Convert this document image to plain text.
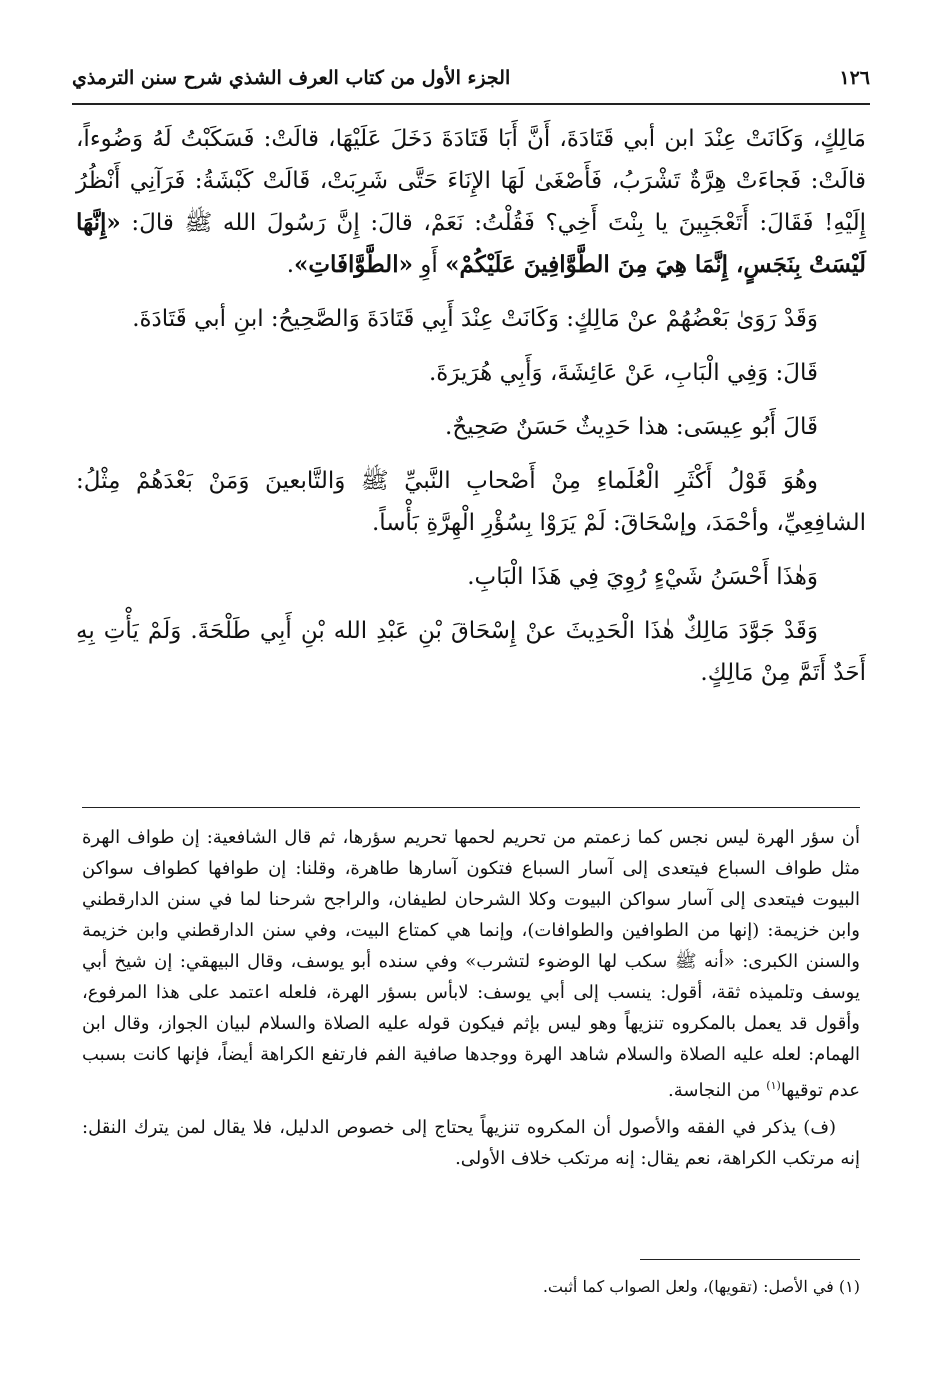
١٢٦
الجزء الأول من كتاب العرف الشذي شرح سنن الترمذي

مَالِكٍ، وَكَانَتْ عِنْدَ ابن أبي قَتَادَةَ، أَنَّ أَبَا قَتَادَةَ دَخَلَ عَلَيْهَا، قالَتْ: فَسَكَبْتُ لَهُ وَضُوءاً، قالَتْ: فَجاءَتْ هِرَّةٌ تَشْرَبُ، فَأَصْغَىٰ لَهَا الإِنَاءَ حَتَّى شَرِبَتْ، قَالَتْ كَبْشَةُ: فَرَآنِي أَنْظُرُ إِلَيْهِ! فَقَالَ: أَتَعْجَبِينَ يا بِنْتَ أَخِي؟ فَقُلْتُ: نَعَمْ، قالَ: إِنَّ رَسُولَ الله ﷺ قالَ: «إِنَّهَا لَيْسَتْ بِنَجَسٍ، إِنَّمَا هِيَ مِنَ الطَّوَّافِينَ عَلَيْكُمْ» أَوِ «الطَّوَّافَاتِ».

وَقَدْ رَوَىٰ بَعْضُهُمْ عنْ مَالِكٍ: وَكَانَتْ عِنْدَ أَبِي قَتَادَةَ وَالصَّحِيحُ: ابنِ أبي قَتَادَةَ.

قَالَ: وَفِي الْبَابِ، عَنْ عَائِشَةَ، وَأَبِي هُرَيرَةَ.

قَالَ أَبُو عِيسَى: هذا حَدِيثٌ حَسَنٌ صَحِيحٌ.

وهُوَ قَوْلُ أَكْثَرِ الْعُلَماءِ مِنْ أَصْحابِ النَّبيِّ ﷺ وَالتَّابعينَ وَمَنْ بَعْدَهُمْ مِثْلُ: الشافِعِيِّ، وأحْمَدَ، وإسْحَاقَ: لَمْ يَرَوْا بِسُؤْرِ الْهِرَّةِ بَأْساً.

وَهٰذَا أَحْسَنُ شَيْءٍ رُوِيَ فِي هَذَا الْبَابِ.

وَقَدْ جَوَّدَ مَالِكٌ هٰذَا الْحَدِيثَ عنْ إِسْحَاقَ بْنِ عَبْدِ الله بْنِ أَبِي طَلْحَةَ. وَلَمْ يَأْتِ بِهِ أَحَدٌ أَتَمَّ مِنْ مَالِكٍ.

أن سؤر الهرة ليس نجس كما زعمتم من تحريم لحمها تحريم سؤرها، ثم قال الشافعية: إن طواف الهرة مثل طواف السباع فيتعدى إلى آسار السباع فتكون آسارها طاهرة، وقلنا: إن طوافها كطواف سواكن البيوت فيتعدى إلى آسار سواكن البيوت وكلا الشرحان لطيفان، والراجح شرحنا لما في سنن الدارقطني وابن خزيمة: (إنها من الطوافين والطوافات)، وإنما هي كمتاع البيت، وفي سنن الدارقطني وابن خزيمة والسنن الكبرى: «أنه ﷺ سكب لها الوضوء لتشرب» وفي سنده أبو يوسف، وقال البيهقي: إن شيخ أبي يوسف وتلميذه ثقة، أقول: ينسب إلى أبي يوسف: لابأس بسؤر الهرة، فلعله اعتمد على هذا المرفوع، وأقول قد يعمل بالمكروه تنزيهاً وهو ليس بإثم فيكون قوله عليه الصلاة والسلام لبيان الجواز، وقال ابن الهمام: لعله عليه الصلاة والسلام شاهد الهرة ووجدها صافية الفم فارتفع الكراهة أيضاً، فإنها كانت بسبب عدم توقيها$^{(١)}$ من النجاسة.

(ف) يذكر في الفقه والأصول أن المكروه تنزيهاً يحتاج إلى خصوص الدليل، فلا يقال لمن يترك النقل: إنه مرتكب الكراهة، نعم يقال: إنه مرتكب خلاف الأولى.

(١) في الأصل: (تقويها)، ولعل الصواب كما أثبت.
